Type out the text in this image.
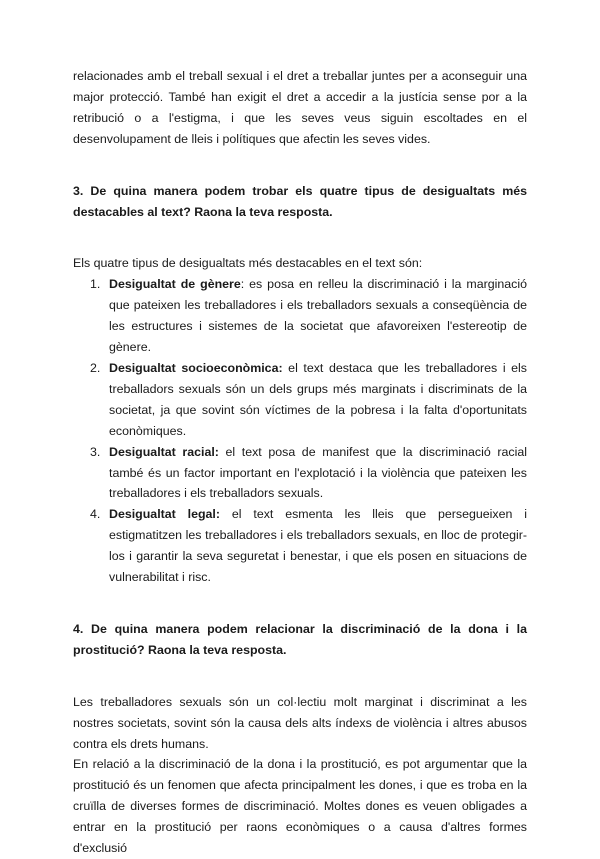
relacionades amb el treball sexual i el dret a treballar juntes per a aconseguir una major protecció. També han exigit el dret a accedir a la justícia sense por a la retribució o a l'estigma, i que les seves veus siguin escoltades en el desenvolupament de lleis i polítiques que afectin les seves vides.

3. De quina manera podem trobar els quatre tipus de desigualtats més destacables al text? Raona la teva resposta.

Els quatre tipus de desigualtats més destacables en el text són:

1. Desigualtat de gènere: es posa en relleu la discriminació i la marginació que pateixen les treballadores i els treballadors sexuals a conseqüència de les estructures i sistemes de la societat que afavoreixen l'estereotip de gènere.
2. Desigualtat socioeconòmica: el text destaca que les treballadores i els treballadors sexuals són un dels grups més marginats i discriminats de la societat, ja que sovint són víctimes de la pobresa i la falta d'oportunitats econòmiques.
3. Desigualtat racial: el text posa de manifest que la discriminació racial també és un factor important en l'explotació i la violència que pateixen les treballadores i els treballadors sexuals.
4. Desigualtat legal: el text esmenta les lleis que persegueixen i estigmatitzen les treballadores i els treballadors sexuals, en lloc de protegir-los i garantir la seva seguretat i benestar, i que els posen en situacions de vulnerabilitat i risc.

4. De quina manera podem relacionar la discriminació de la dona i la prostitució? Raona la teva resposta.

Les treballadores sexuals són un col·lectiu molt marginat i discriminat a les nostres societats, sovint són la causa dels alts índexs de violència i altres abusos contra els drets humans.

En relació a la discriminació de la dona i la prostitució, es pot argumentar que la prostitució és un fenomen que afecta principalment les dones, i que es troba en la cruïlla de diverses formes de discriminació. Moltes dones es veuen obligades a entrar en la prostitució per raons econòmiques o a causa d'altres formes d'exclusió
